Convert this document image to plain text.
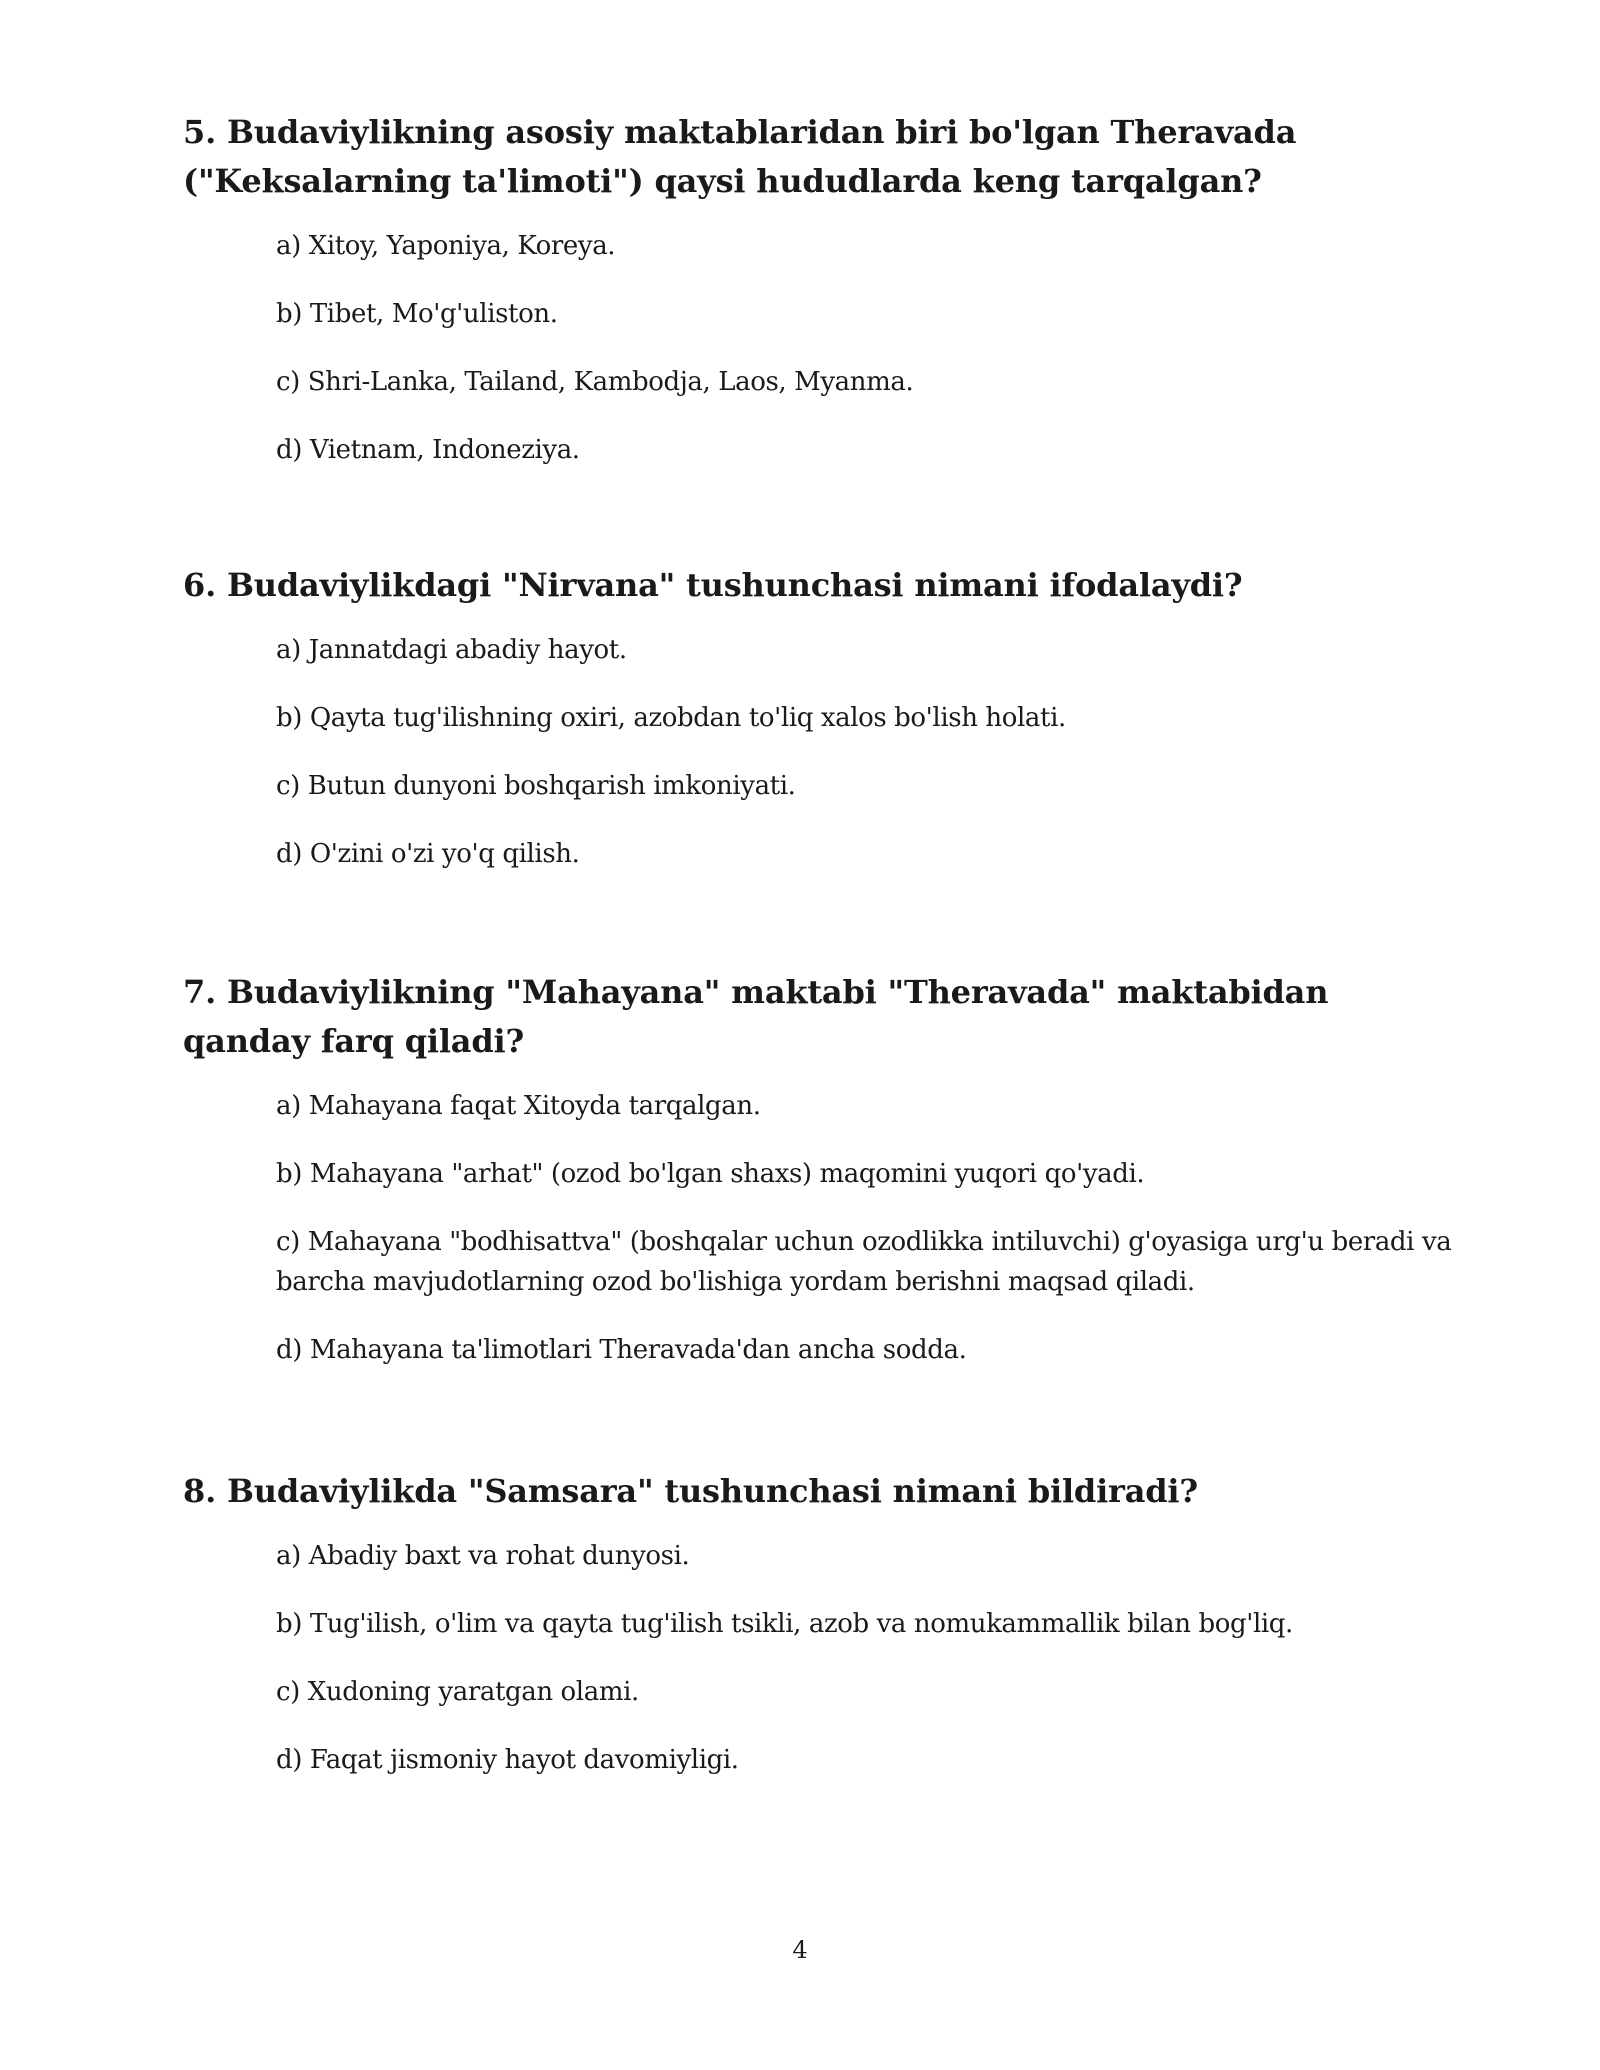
5. Budaviylikning asosiy maktablaridan biri bo'lgan Theravada ("Keksalarning ta'limoti") qaysi hududlarda keng tarqalgan?

a) Xitoy, Yaponiya, Koreya.
b) Tibet, Mo'g'uliston.
c) Shri-Lanka, Tailand, Kambodja, Laos, Myanma.
d) Vietnam, Indoneziya.

6. Budaviylikdagi "Nirvana" tushunchasi nimani ifodalaydi?

a) Jannatdagi abadiy hayot.
b) Qayta tug'ilishning oxiri, azobdan to'liq xalos bo'lish holati.
c) Butun dunyoni boshqarish imkoniyati.
d) O'zini o'zi yo'q qilish.

7. Budaviylikning "Mahayana" maktabi "Theravada" maktabidan qanday farq qiladi?

a) Mahayana faqat Xitoyda tarqalgan.
b) Mahayana "arhat" (ozod bo'lgan shaxs) maqomini yuqori qo'yadi.
c) Mahayana "bodhisattva" (boshqalar uchun ozodlikka intiluvchi) g'oyasiga urg'u beradi va barcha mavjudotlarning ozod bo'lishiga yordam berishni maqsad qiladi.
d) Mahayana ta'limotlari Theravada'dan ancha sodda.

8. Budaviylikda "Samsara" tushunchasi nimani bildiradi?

a) Abadiy baxt va rohat dunyosi.
b) Tug'ilish, o'lim va qayta tug'ilish tsikli, azob va nomukammallik bilan bog'liq.
c) Xudoning yaratgan olami.
d) Faqat jismoniy hayot davomiyligi.
4
